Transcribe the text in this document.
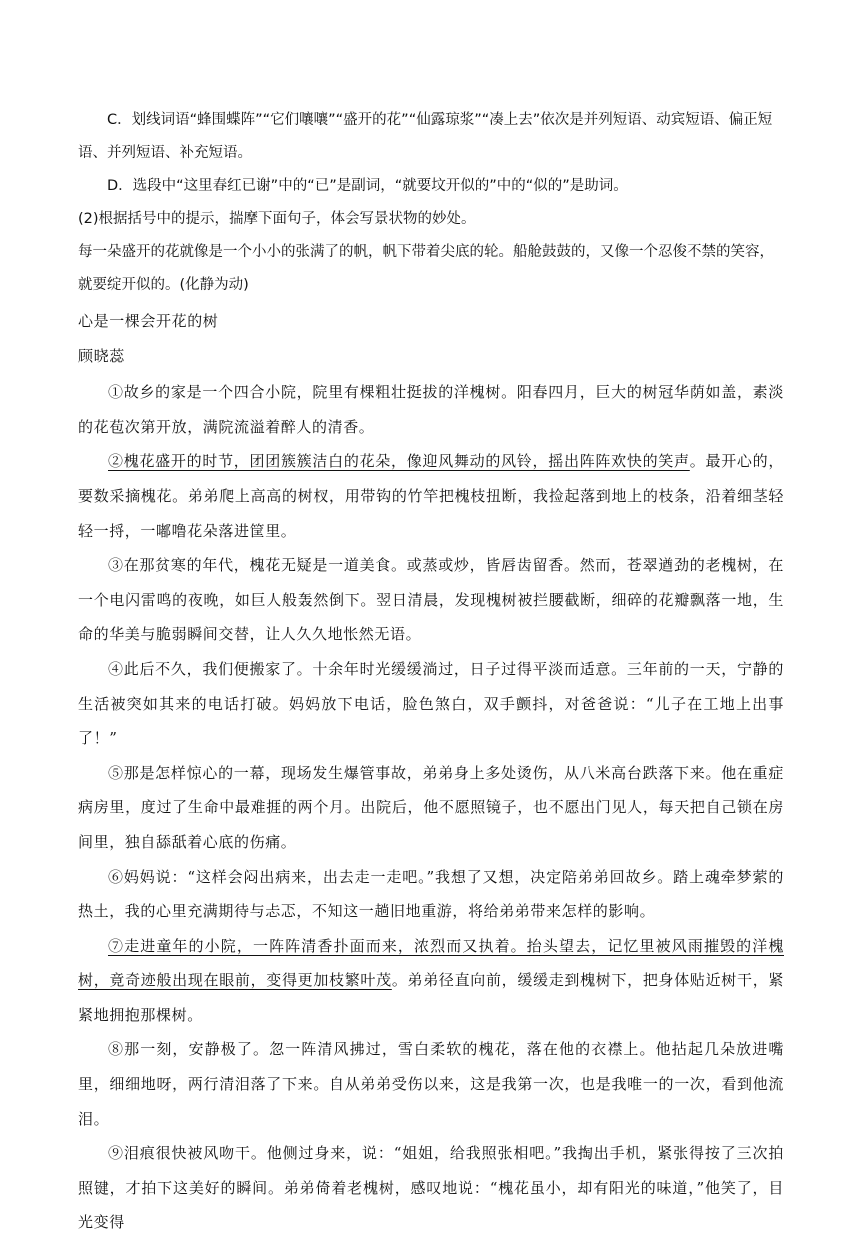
C．划线词语“蜂围蝶阵”“它们嚷嚷”“盛开的花”“仙露琼浆”“凑上去”依次是并列短语、动宾短语、偏正短
语、并列短语、补充短语。

D．选段中“这里春红已谢”中的“已”是副词，“就要坟开似的”中的“似的”是助词。

(2)根据括号中的提示，揣摩下面句子，体会写景状物的妙处。

每一朵盛开的花就像是一个小小的张满了的帆，帆下带着尖底的轮。船舱鼓鼓的，又像一个忍俊不禁的笑容，就要绽开似的。(化静为动)

心是一棵会开花的树

顾晓蕊

①故乡的家是一个四合小院，院里有棵粗壮挺拔的洋槐树。阳春四月，巨大的树冠华荫如盖，素淡的花苞次第开放，满院流溢着醉人的清香。

②槐花盛开的时节，团团簇簇洁白的花朵，像迎风舞动的风铃，摇出阵阵欢快的笑声。最开心的，要数采摘槐花。弟弟爬上高高的树杈，用带钩的竹竿把槐枝扭断，我捡起落到地上的枝条，沿着细茎轻轻一捋，一嘟噜花朵落进筐里。

③在那贫寒的年代，槐花无疑是一道美食。或蒸或炒，皆唇齿留香。然而，苍翠遒劲的老槐树，在一个电闪雷鸣的夜晚，如巨人般轰然倒下。翌日清晨，发现槐树被拦腰截断，细碎的花瓣飘落一地，生命的华美与脆弱瞬间交替，让人久久地怅然无语。

④此后不久，我们便搬家了。十余年时光缓缓淌过，日子过得平淡而适意。三年前的一天，宁静的生活被突如其来的电话打破。妈妈放下电话，脸色煞白，双手颤抖，对爸爸说：“儿子在工地上出事了！”

⑤那是怎样惊心的一幕，现场发生爆管事故，弟弟身上多处烫伤，从八米高台跌落下来。他在重症病房里，度过了生命中最难捱的两个月。出院后，他不愿照镜子，也不愿出门见人，每天把自己锁在房间里，独自舔舐着心底的伤痛。

⑥妈妈说：“这样会闷出病来，出去走一走吧。”我想了又想，决定陪弟弟回故乡。踏上魂牵梦萦的热土，我的心里充满期待与忐忑，不知这一趟旧地重游，将给弟弟带来怎样的影响。

⑦走进童年的小院，一阵阵清香扑面而来，浓烈而又执着。抬头望去，记忆里被风雨摧毁的洋槐树，竟奇迹般出现在眼前，变得更加枝繁叶茂。弟弟径直向前，缓缓走到槐树下，把身体贴近树干，紧紧地拥抱那棵树。

⑧那一刻，安静极了。忽一阵清风拂过，雪白柔软的槐花，落在他的衣襟上。他拈起几朵放进嘴里，细细地呀，两行清泪落了下来。自从弟弟受伤以来，这是我第一次，也是我唯一的一次，看到他流泪。

⑨泪痕很快被风吻干。他侧过身来，说：“姐姐，给我照张相吧。”我掏出手机，紧张得按了三次拍照键，才拍下这美好的瞬间。弟弟倚着老槐树，感叹地说：“槐花虽小，却有阳光的味道，”他笑了，目光变得
